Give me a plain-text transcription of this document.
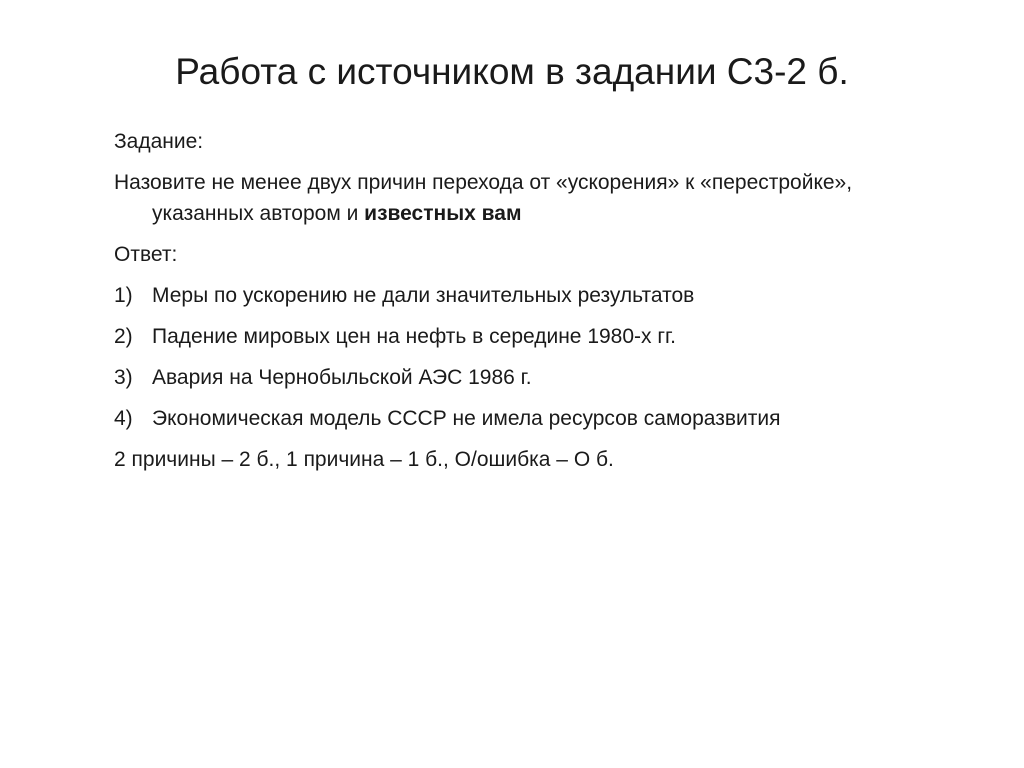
Работа с источником в задании С3-2 б.

Задание:

Назовите не менее двух причин перехода от «ускорения» к «перестройке», указанных автором и известных вам

Ответ:

1) Меры по ускорению не дали значительных результатов
2) Падение мировых цен на нефть в середине 1980-х гг.
3) Авария на Чернобыльской АЭС 1986 г.
4) Экономическая модель СССР не имела ресурсов саморазвития

2 причины – 2 б., 1 причина – 1 б., О/ошибка – О б.
